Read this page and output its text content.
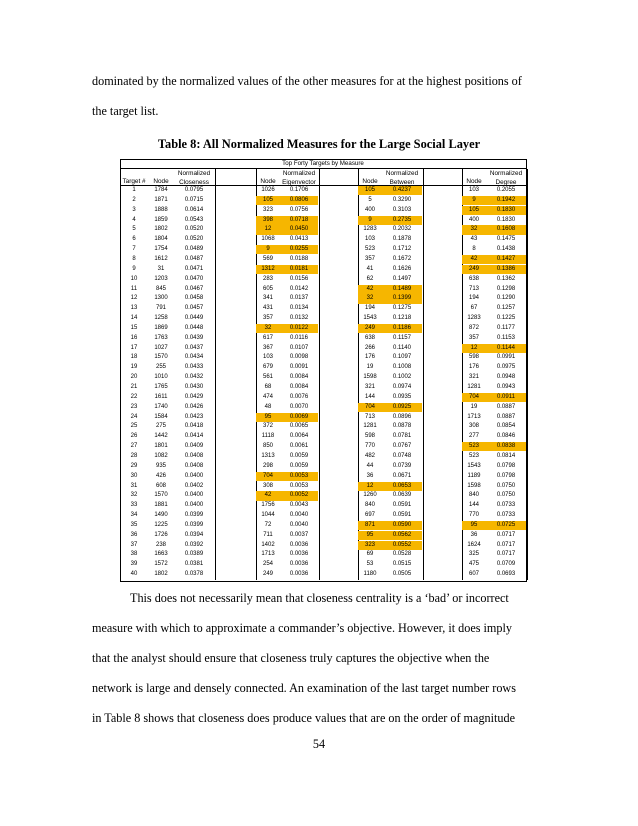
dominated by the normalized values of the other measures for at the highest positions of
the target list.
Table 8: All Normalized Measures for the Large Social Layer
Top Forty Targets by Measure
Target #	Node
Normalized Closeness	Node
Normalized Eigenvector	Node
Normalized Between	Node
Normalized Degree
1	1784	0.0795	1026	0.1706	105	0.4237	103	0.2055
2	1871	0.0715	105	0.0806	5	0.3290	9	0.1942
3	1888	0.0614	323	0.0756	400	0.3103	105	0.1830
4	1859	0.0543	398	0.0718	9	0.2735	400	0.1830
5	1802	0.0520	12	0.0450	1283	0.2032	32	0.1608
6	1804	0.0520	1068	0.0413	103	0.1878	43	0.1475
7	1754	0.0489	9	0.0255	523	0.1712	8	0.1438
8	1612	0.0487	569	0.0188	357	0.1672	42	0.1427
9	31	0.0471	1312	0.0181	41	0.1626	249	0.1386
10	1203	0.0470	283	0.0156	62	0.1497	638	0.1362
11	845	0.0467	605	0.0142	42	0.1489	713	0.1298
12	1300	0.0458	341	0.0137	32	0.1399	194	0.1290
13	791	0.0457	431	0.0134	194	0.1275	67	0.1257
14	1258	0.0449	357	0.0132	1543	0.1218	1283	0.1225
15	1869	0.0448	32	0.0122	249	0.1186	872	0.1177
16	1763	0.0439	617	0.0116	638	0.1157	357	0.1153
17	1027	0.0437	367	0.0107	266	0.1140	12	0.1144
18	1570	0.0434	103	0.0098	176	0.1097	598	0.0991
19	255	0.0433	679	0.0091	19	0.1008	176	0.0975
20	1010	0.0432	561	0.0084	1598	0.1002	321	0.0948
21	1765	0.0430	68	0.0084	321	0.0974	1281	0.0943
22	1611	0.0429	474	0.0076	144	0.0935	704	0.0911
23	1740	0.0426	48	0.0070	704	0.0925	19	0.0887
24	1584	0.0423	95	0.0069	713	0.0896	1713	0.0887
25	275	0.0418	372	0.0065	1281	0.0878	308	0.0854
26	1442	0.0414	1118	0.0064	598	0.0781	277	0.0846
27	1801	0.0409	850	0.0061	770	0.0767	523	0.0838
28	1082	0.0408	1313	0.0059	482	0.0748	523	0.0814
29	935	0.0408	298	0.0059	44	0.0739	1543	0.0798
30	426	0.0400	704	0.0053	36	0.0671	1189	0.0798
31	608	0.0402	308	0.0053	12	0.0653	1598	0.0750
32	1570	0.0400	42	0.0052	1260	0.0639	840	0.0750
33	1881	0.0400	1756	0.0043	840	0.0591	144	0.0733
34	1490	0.0399	1044	0.0040	697	0.0591	770	0.0733
35	1225	0.0399	72	0.0040	871	0.0590	95	0.0725
36	1726	0.0394	711	0.0037	95	0.0562	36	0.0717
37	238	0.0392	1402	0.0036	323	0.0552	1624	0.0717
38	1663	0.0389	1713	0.0036	69	0.0528	325	0.0717
39	1572	0.0381	254	0.0036	53	0.0515	475	0.0709
40	1802	0.0378	249	0.0036	1180	0.0505	607	0.0693
This does not necessarily mean that closeness centrality is a ‘bad’ or incorrect
measure with which to approximate a commander’s objective. However, it does imply
that the analyst should ensure that closeness truly captures the objective when the
network is large and densely connected. An examination of the last target number rows
in Table 8 shows that closeness does produce values that are on the order of magnitude
54
